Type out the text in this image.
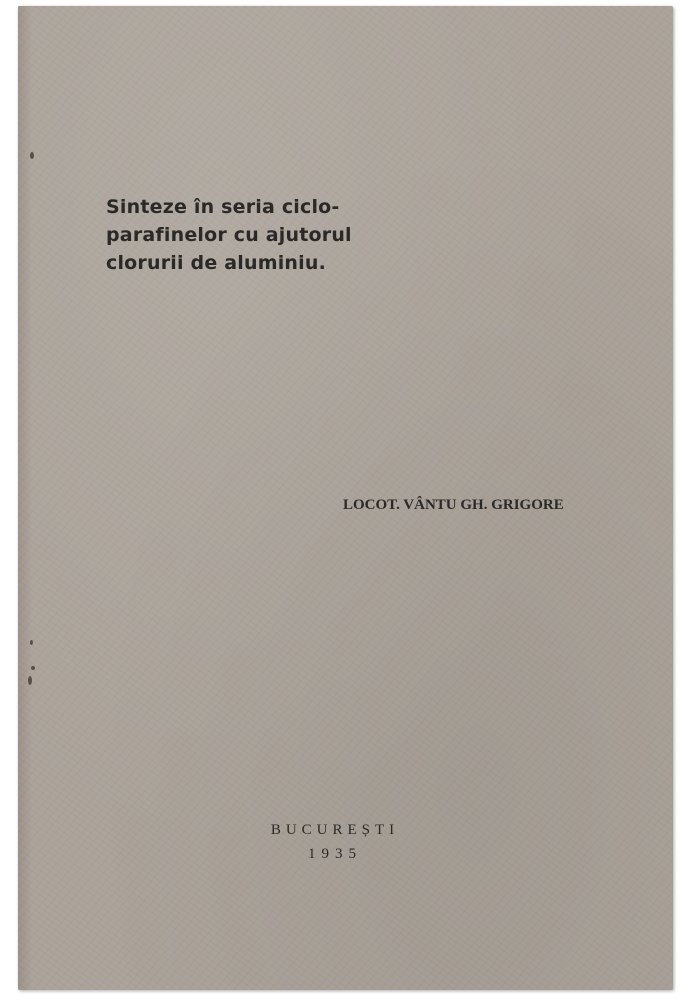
Sinteze în seria ciclo-
parafinelor cu ajutorul
clorurii de aluminiu.

LOCOT. VÂNTU GH. GRIGORE

BUCUREȘTI

1935
